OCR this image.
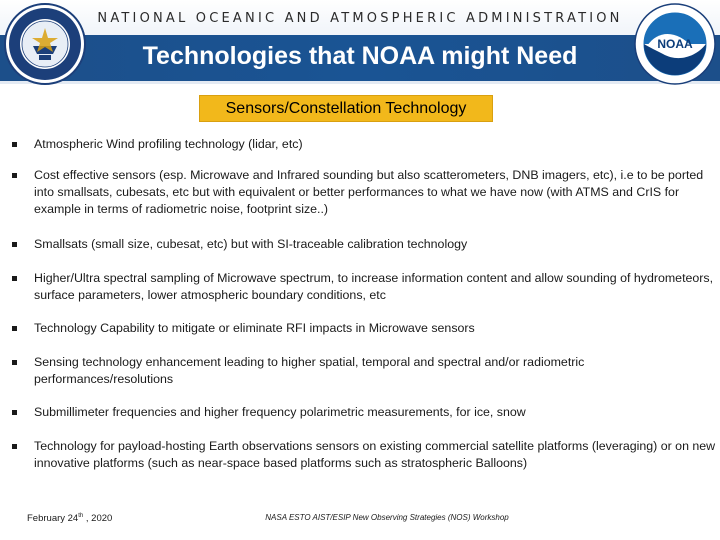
NATIONAL OCEANIC AND ATMOSPHERIC ADMINISTRATION
Technologies that NOAA might Need	NOAA
Sensors/Constellation Technology
Atmospheric Wind profiling technology (lidar, etc)
Cost effective sensors (esp. Microwave and Infrared sounding but also scatterometers, DNB imagers, etc), i.e to be ported into smallsats, cubesats, etc but with equivalent or better performances to what we have now (with ATMS and CrIS for example in terms of radiometric noise, footprint size..)
Smallsats (small size, cubesat, etc) but with SI-traceable calibration technology
Higher/Ultra spectral sampling of Microwave spectrum, to increase information content and allow sounding of hydrometeors, surface parameters, lower atmospheric boundary conditions, etc
Technology Capability to mitigate or eliminate RFI impacts in Microwave sensors
Sensing technology enhancement leading to higher spatial, temporal and spectral and/or radiometric performances/resolutions
Submillimeter frequencies and higher frequency polarimetric measurements, for ice, snow
Technology for payload-hosting Earth observations sensors on existing commercial satellite platforms (leveraging) or on new innovative platforms (such as near-space based platforms such as stratospheric Balloons)
February 24th , 2020	NASA ESTO AIST/ESIP New Observing Strategies (NOS) Workshop
